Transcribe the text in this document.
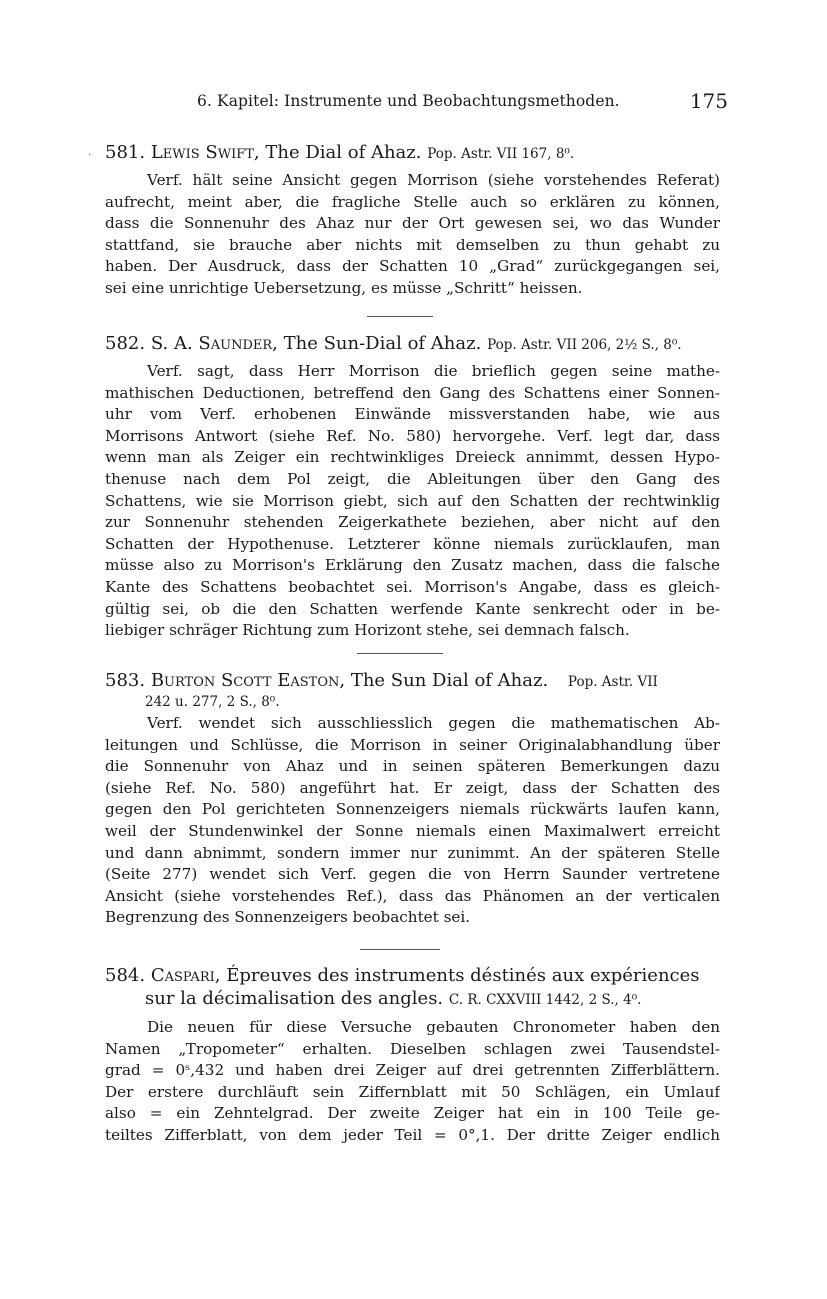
6. Kapitel: Instrumente und Beobachtungsmethoden.	175
· 581. Lewis Swift, The Dial of Ahaz. Pop. Astr. VII 167, 8⁰.
Verf. hält seine Ansicht gegen Morrison (siehe vorstehendes Referat)
aufrecht, meint aber, die fragliche Stelle auch so erklären zu können,
dass die Sonnenuhr des Ahaz nur der Ort gewesen sei, wo das Wunder
stattfand, sie brauche aber nichts mit demselben zu thun gehabt zu
haben. Der Ausdruck, dass der Schatten 10 „Grad“ zurückgegangen sei,
sei eine unrichtige Uebersetzung, es müsse „Schritt“ heissen.
582. S. A. Saunder, The Sun-Dial of Ahaz. Pop. Astr. VII 206, 2½ S., 8⁰.
Verf. sagt, dass Herr Morrison die brieflich gegen seine mathe-
mathischen Deductionen, betreffend den Gang des Schattens einer Sonnen-
uhr vom Verf. erhobenen Einwände missverstanden habe, wie aus
Morrisons Antwort (siehe Ref. No. 580) hervorgehe. Verf. legt dar, dass
wenn man als Zeiger ein rechtwinkliges Dreieck annimmt, dessen Hypo-
thenuse nach dem Pol zeigt, die Ableitungen über den Gang des
Schattens, wie sie Morrison giebt, sich auf den Schatten der rechtwinklig
zur Sonnenuhr stehenden Zeigerkathete beziehen, aber nicht auf den
Schatten der Hypothenuse. Letzterer könne niemals zurücklaufen, man
müsse also zu Morrison's Erklärung den Zusatz machen, dass die falsche
Kante des Schattens beobachtet sei. Morrison's Angabe, dass es gleich-
gültig sei, ob die den Schatten werfende Kante senkrecht oder in be-
liebiger schräger Richtung zum Horizont stehe, sei demnach falsch.
583. Burton Scott Easton, The Sun Dial of Ahaz. Pop. Astr. VII
242 u. 277, 2 S., 8⁰.
Verf. wendet sich ausschliesslich gegen die mathematischen Ab-
leitungen und Schlüsse, die Morrison in seiner Originalabhandlung über
die Sonnenuhr von Ahaz und in seinen späteren Bemerkungen dazu
(siehe Ref. No. 580) angeführt hat. Er zeigt, dass der Schatten des
gegen den Pol gerichteten Sonnenzeigers niemals rückwärts laufen kann,
weil der Stundenwinkel der Sonne niemals einen Maximalwert erreicht
und dann abnimmt, sondern immer nur zunimmt. An der späteren Stelle
(Seite 277) wendet sich Verf. gegen die von Herrn Saunder vertretene
Ansicht (siehe vorstehendes Ref.), dass das Phänomen an der verticalen
Begrenzung des Sonnenzeigers beobachtet sei.
584. Caspari, Épreuves des instruments déstinés aux expériences
sur la décimalisation des angles. C. R. CXXVIII 1442, 2 S., 4⁰.
Die neuen für diese Versuche gebauten Chronometer haben den
Namen „Tropometer“ erhalten. Dieselben schlagen zwei Tausendstel-
grad = 0ˢ,432 und haben drei Zeiger auf drei getrennten Zifferblättern.
Der erstere durchläuft sein Ziffernblatt mit 50 Schlägen, ein Umlauf
also = ein Zehntelgrad. Der zweite Zeiger hat ein in 100 Teile ge-
teiltes Zifferblatt, von dem jeder Teil = 0°,1. Der dritte Zeiger endlich
